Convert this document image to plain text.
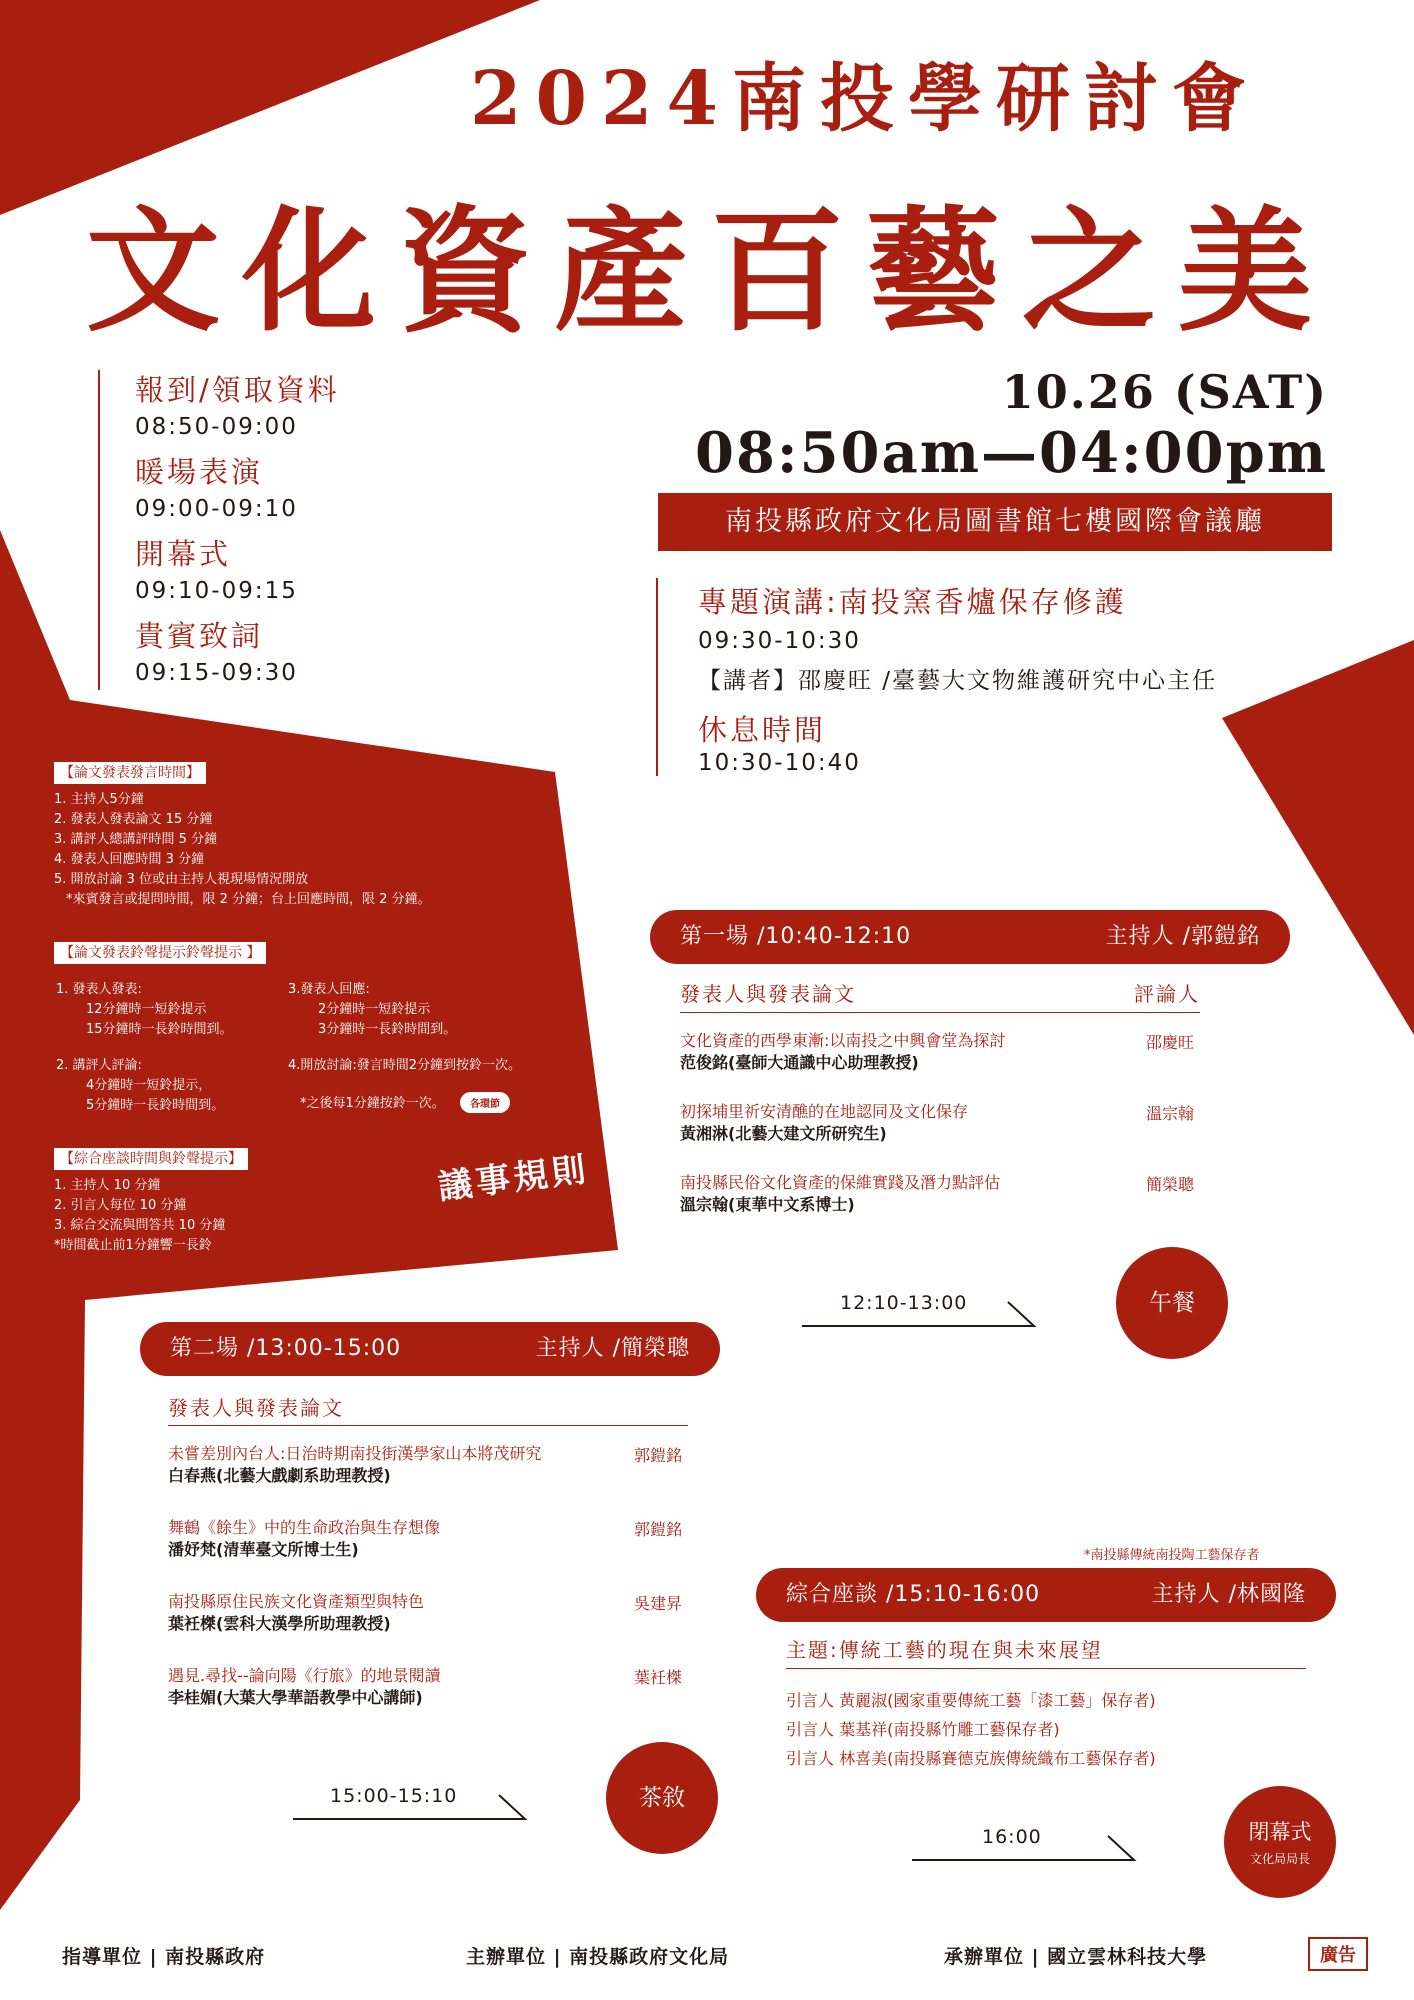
2024南投學研討會
文化資產百藝之美
10.26 (SAT)
08:50am—04:00pm
南投縣政府文化局圖書館七樓國際會議廳
報到/領取資料
08:50-09:00
暖場表演
09:00-09:10
開幕式
09:10-09:15
貴賓致詞
09:15-09:30
專題演講:南投窯香爐保存修護
09:30-10:30
【講者】邵慶旺 /臺藝大文物維護研究中心主任
休息時間
10:30-10:40
【論文發表發言時間】
1. 主持人5分鐘
2. 發表人發表論文 15 分鐘
3. 講評人總講評時間 5 分鐘
4. 發表人回應時間 3 分鐘
5. 開放討論 3 位或由主持人視現場情況開放
*來賓發言或提問時間，限 2 分鐘；台上回應時間，限 2 分鐘。
【論文發表鈴聲提示鈴聲提示 】
1. 發表人發表:
12分鐘時一短鈴提示
15分鐘時一長鈴時間到。
2. 講評人評論:
4分鐘時一短鈴提示，
5分鐘時一長鈴時間到。
3.發表人回應:
2分鐘時一短鈴提示
3分鐘時一長鈴時間到。
4.開放討論:發言時間2分鐘到按鈴一次。
*之後每1分鐘按鈴一次。	各環節
【綜合座談時間與鈴聲提示】
1. 主持人 10 分鐘
2. 引言人每位 10 分鐘
3. 綜合交流與問答共 10 分鐘
*時間截止前1分鐘響一長鈴
議事規則
第一場 /10:40-12:10	主持人 /郭鎧銘
發表人與發表論文	評論人
文化資產的西學東漸:以南投之中興會堂為探討
范俊銘(臺師大通識中心助理教授)
邵慶旺
初探埔里祈安清醮的在地認同及文化保存
黃湘淋(北藝大建文所研究生)
溫宗翰
南投縣民俗文化資產的保維實踐及潛力點評估
溫宗翰(東華中文系博士)
簡榮聰
12:10-13:00	午餐
第二場 /13:00-15:00	主持人 /簡榮聰
發表人與發表論文
未嘗差別內台人:日治時期南投街漢學家山本將茂研究
白春燕(北藝大戲劇系助理教授)
郭鎧銘
舞鶴《餘生》中的生命政治與生存想像
潘妤梵(清華臺文所博士生)
郭鎧銘
南投縣原住民族文化資產類型與特色
葉衽榤(雲科大漢學所助理教授)
吳建昇
遇見.尋找--論向陽《行旅》的地景閱讀
李桂媚(大葉大學華語教學中心講師)
葉衽榤
15:00-15:10	茶敘
*南投縣傳統南投陶工藝保存者
綜合座談 /15:10-16:00	主持人 /林國隆
主題:傳統工藝的現在與未來展望
引言人 黃麗淑(國家重要傳統工藝「漆工藝」保存者)
引言人 葉基祥(南投縣竹雕工藝保存者)
引言人 林喜美(南投縣賽德克族傳統織布工藝保存者)
16:00	閉幕式
文化局局長
指導單位 | 南投縣政府	主辦單位 | 南投縣政府文化局	承辦單位 | 國立雲林科技大學	廣告
